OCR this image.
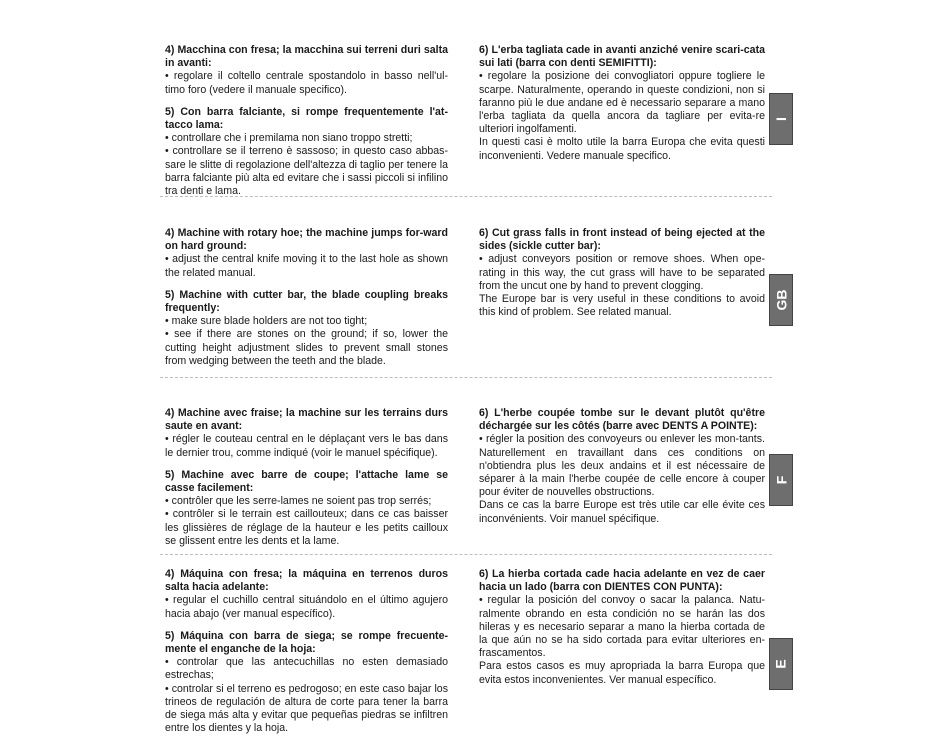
4) Macchina con fresa; la macchina sui terreni duri salta in avanti:
• regolare il coltello centrale spostandolo in basso nell'ul-timo foro (vedere il manuale specifico).
5) Con barra falciante, si rompe frequentemente l'at-tacco lama:
• controllare che i premilama non siano troppo stretti;
• controllare se il terreno è sassoso; in questo caso abbas-sare le slitte di regolazione dell'altezza di taglio per tenere la barra falciante più alta ed evitare che i sassi piccoli si infilino tra denti e lama.
6) L'erba tagliata cade in avanti anziché venire scari-cata sui lati (barra con denti SEMIFITTI):
• regolare la posizione dei convogliatori oppure togliere le scarpe. Naturalmente, operando in queste condizioni, non si faranno più le due andane ed è necessario separare a mano l'erba tagliata da quella ancora da tagliare per evita-re ulteriori ingolfamenti.
In questi casi è molto utile la barra Europa che evita questi inconvenienti. Vedere manuale specifico.
I
4) Machine with rotary hoe; the machine jumps for-ward on hard ground:
• adjust the central knife moving it to the last hole as shown the related manual.
5) Machine with cutter bar, the blade coupling breaks frequently:
• make sure blade holders are not too tight;
• see if there are stones on the ground; if so, lower the cutting height adjustment slides to prevent small stones from wedging between the teeth and the blade.
6) Cut grass falls in front instead of being ejected at the sides (sickle cutter bar):
• adjust conveyors position or remove shoes. When ope-rating in this way, the cut grass will have to be separated from the uncut one by hand to prevent clogging.
The Europe bar is very useful in these conditions to avoid this kind of problem. See related manual.
GB
4) Machine avec fraise; la machine sur les terrains durs saute en avant:
• régler le couteau central en le déplaçant vers le bas dans le dernier trou, comme indiqué (voir le manuel spécifique).
5) Machine avec barre de coupe; l'attache lame se casse facilement:
• contrôler que les serre-lames ne soient pas trop serrés;
• contrôler si le terrain est caillouteux; dans ce cas baisser les glissières de réglage de la hauteur e les petits cailloux se glissent entre les dents et la lame.
6) L'herbe coupée tombe sur le devant plutôt qu'être déchargée sur les côtés (barre avec DENTS A POINTE):
• régler la position des convoyeurs ou enlever les mon-tants. Naturellement en travaillant dans ces conditions on n'obtiendra plus les deux andains et il est nécessaire de séparer à la main l'herbe coupée de celle encore à couper pour éviter de nouvelles obstructions.
Dans ce cas la barre Europe est très utile car elle évite ces inconvénients. Voir manuel spécifique.
F
4) Máquina con fresa; la máquina en terrenos duros salta hacia adelante:
• regular el cuchillo central situándolo en el último agujero hacia abajo (ver manual específico).
5) Máquina con barra de siega; se rompe frecuente-mente el enganche de la hoja:
• controlar que las antecuchillas no esten demasiado estrechas;
• controlar si el terreno es pedrogoso; en este caso bajar los trineos de regulación de altura de corte para tener la barra de siega más alta y evitar que pequeñas piedras se infiltren entre los dientes y la hoja.
6) La hierba cortada cade hacia adelante en vez de caer hacia un lado (barra con DIENTES CON PUNTA):
• regular la posición del convoy o sacar la palanca. Natu-ralmente obrando en esta condición no se harán las dos hileras y es necesario separar a mano la hierba cortada de la que aún no se ha sido cortada para evitar ulteriores en-frascamentos.
Para estos casos es muy apropriada la barra Europa que evita estos inconvenientes. Ver manual específico.
E
